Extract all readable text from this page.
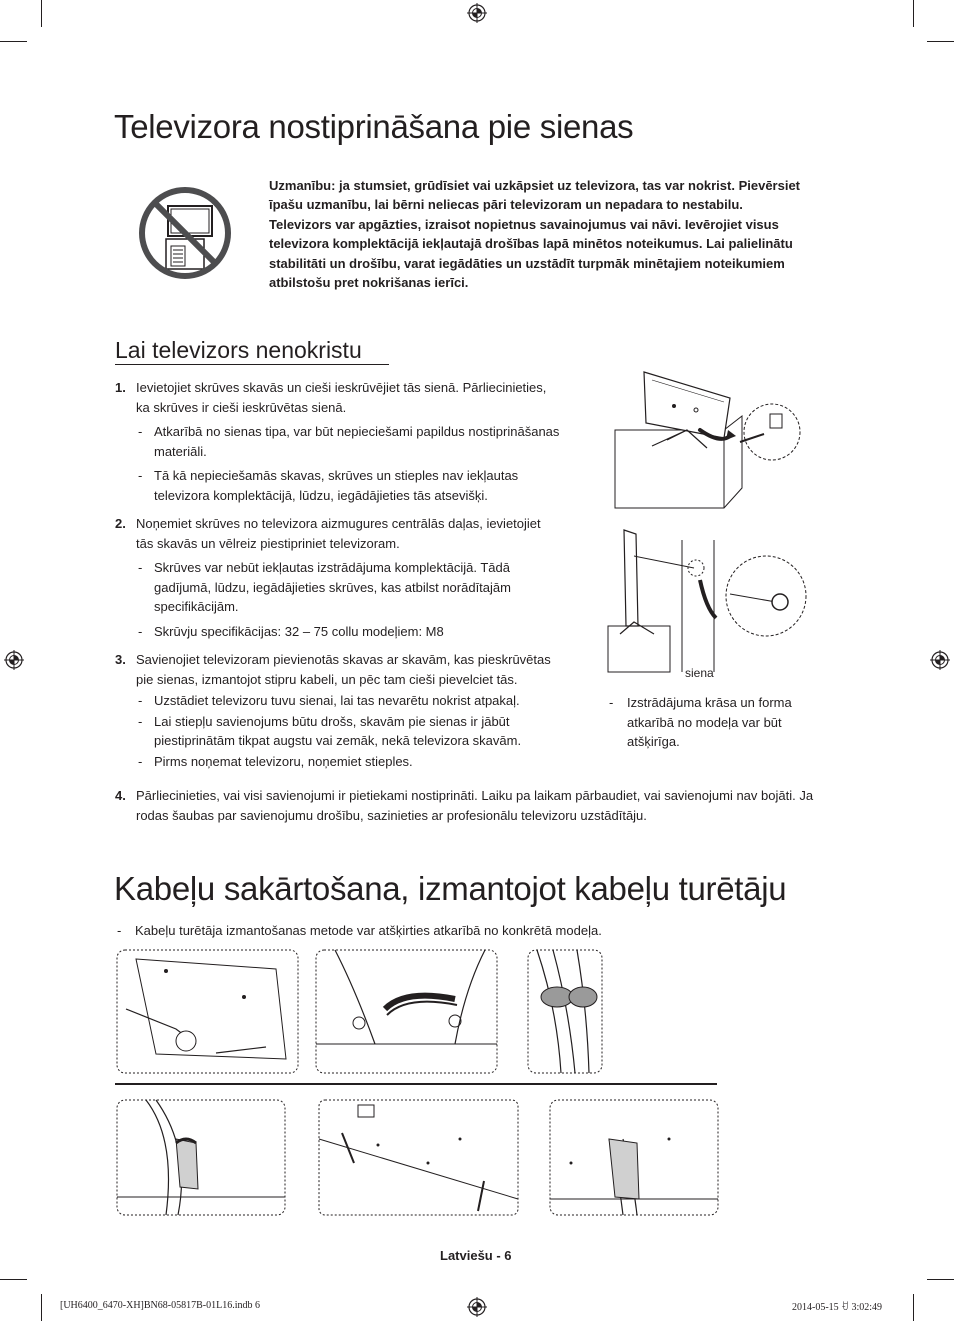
Televizora nostiprināšana pie sienas
Uzmanību: ja stumsiet, grūdīsiet vai uzkāpsiet uz televizora, tas var nokrist. Pievērsiet īpašu uzmanību, lai bērni neliecas pāri televizoram un nepadara to nestabilu. Televizors var apgāzties, izraisot nopietnus savainojumus vai nāvi. Ievērojiet visus televizora komplektācijā iekļautajā drošības lapā minētos noteikumus. Lai palielinātu stabilitāti un drošību, varat iegādāties un uzstādīt turpmāk minētajiem noteikumiem atbilstošu pret nokrišanas ierīci.
Lai televizors nenokristu
1. Ievietojiet skrūves skavās un cieši ieskrūvējiet tās sienā. Pārliecinieties, ka skrūves ir cieši ieskrūvētas sienā.
- Atkarībā no sienas tipa, var būt nepieciešami papildus nostiprināšanas materiāli.
- Tā kā nepieciešamās skavas, skrūves un stieples nav iekļautas televizora komplektācijā, lūdzu, iegādājieties tās atsevišķi.
2. Noņemiet skrūves no televizora aizmugures centrālās daļas, ievietojiet tās skavās un vēlreiz piestipriniet televizoram.
- Skrūves var nebūt iekļautas izstrādājuma komplektācijā. Tādā gadījumā, lūdzu, iegādājieties skrūves, kas atbilst norādītajām specifikācijām.
- Skrūvju specifikācijas: 32 – 75 collu modeļiem: M8
3. Savienojiet televizoram pievienotās skavas ar skavām, kas pieskrūvētas pie sienas, izmantojot stipru kabeli, un pēc tam cieši pievelciet tās.
- Uzstādiet televizoru tuvu sienai, lai tas nevarētu nokrist atpakaļ.
- Lai stiepļu savienojums būtu drošs, skavām pie sienas ir jābūt piestiprinātām tikpat augstu vai zemāk, nekā televizora skavām.
- Pirms noņemat televizoru, noņemiet stieples.
4. Pārliecinieties, vai visi savienojumi ir pietiekami nostiprināti. Laiku pa laikam pārbaudiet, vai savienojumi nav bojāti. Ja rodas šaubas par savienojumu drošību, sazinieties ar profesionālu televizoru uzstādītāju.
siena
- Izstrādājuma krāsa un forma atkarībā no modeļa var būt atšķirīga.
Kabeļu sakārtošana, izmantojot kabeļu turētāju
- Kabeļu turētāja izmantošanas metode var atšķirties atkarībā no konkrētā modeļa.
Latviešu - 6
[UH6400_6470-XH]BN68-05817B-01L16.indb 6	2014-05-15 ꀀ 3:02:49
